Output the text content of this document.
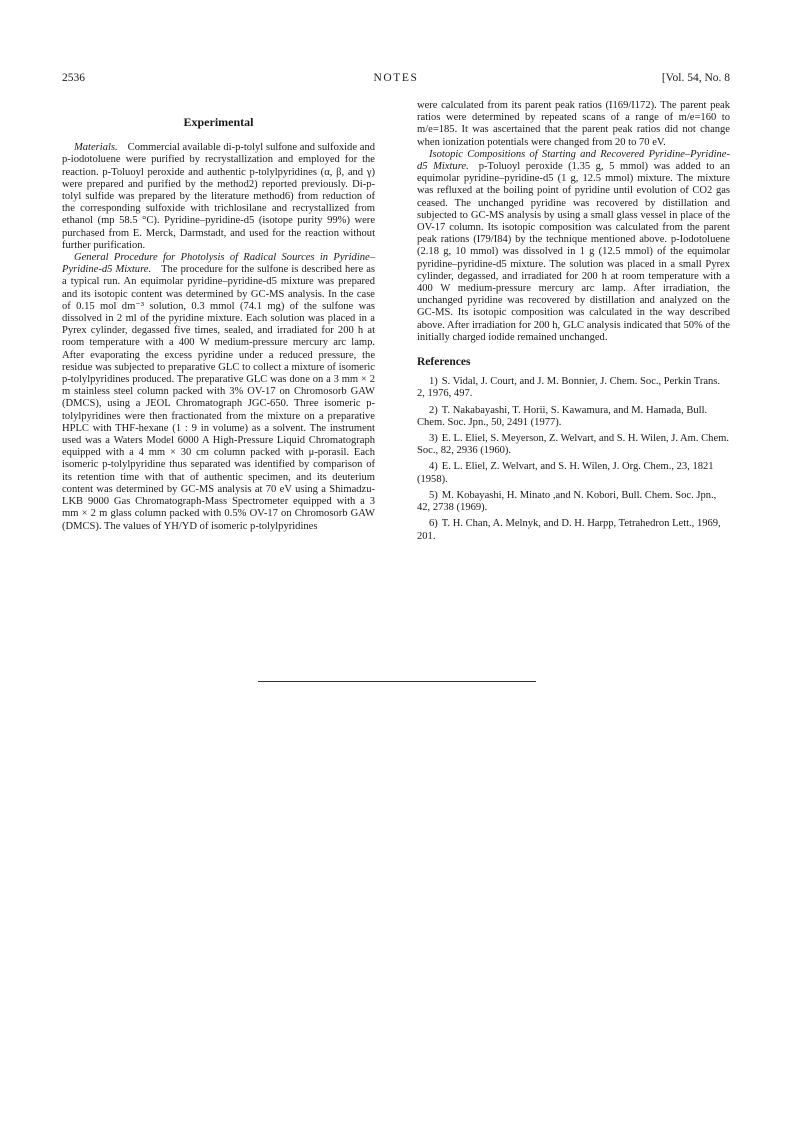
2536	NOTES	[Vol. 54, No. 8
Experimental

Materials. Commercial available di-p-tolyl sulfone and sulfoxide and p-iodotoluene were purified by recrystallization and employed for the reaction. p-Toluoyl peroxide and authentic p-tolylpyridines (α, β, and γ) were prepared and purified by the method2) reported previously. Di-p-tolyl sulfide was prepared by the literature method6) from reduction of the corresponding sulfoxide with trichlosilane and recrystallized from ethanol (mp 58.5 °C). Pyridine–pyridine-d5 (isotope purity 99%) were purchased from E. Merck, Darmstadt, and used for the reaction without further purification.

General Procedure for Photolysis of Radical Sources in Pyridine–Pyridine-d5 Mixture. The procedure for the sulfone is described here as a typical run. An equimolar pyridine–pyridine-d5 mixture was prepared and its isotopic content was determined by GC-MS analysis. In the case of 0.15 mol dm⁻³ solution, 0.3 mmol (74.1 mg) of the sulfone was dissolved in 2 ml of the pyridine mixture. Each solution was placed in a Pyrex cylinder, degassed five times, sealed, and irradiated for 200 h at room temperature with a 400 W medium-pressure mercury arc lamp. After evaporating the excess pyridine under a reduced pressure, the residue was subjected to preparative GLC to collect a mixture of isomeric p-tolylpyridines produced. The preparative GLC was done on a 3 mm × 2 m stainless steel column packed with 3% OV-17 on Chromosorb GAW (DMCS), using a JEOL Chromatograph JGC-650. Three isomeric p-tolylpyridines were then fractionated from the mixture on a preparative HPLC with THF-hexane (1 : 9 in volume) as a solvent. The instrument used was a Waters Model 6000 A High-Pressure Liquid Chromatograph equipped with a 4 mm × 30 cm column packed with μ-porasil. Each isomeric p-tolylpyridine thus separated was identified by comparison of its retention time with that of authentic specimen, and its deuterium content was determined by GC-MS analysis at 70 eV using a Shimadzu-LKB 9000 Gas Chromatograph-Mass Spectrometer equipped with a 3 mm × 2 m glass column packed with 0.5% OV-17 on Chromosorb GAW (DMCS). The values of YH/YD of isomeric p-tolylpyridines

were calculated from its parent peak ratios (I169/I172). The parent peak ratios were determined by repeated scans of a range of m/e=160 to m/e=185. It was ascertained that the parent peak ratios did not change when ionization potentials were changed from 20 to 70 eV.

Isotopic Compositions of Starting and Recovered Pyridine–Pyridine-d5 Mixture. p-Toluoyl peroxide (1.35 g, 5 mmol) was added to an equimolar pyridine–pyridine-d5 (1 g, 12.5 mmol) mixture. The mixture was refluxed at the boiling point of pyridine until evolution of CO2 gas ceased. The unchanged pyridine was recovered by distillation and subjected to GC-MS analysis by using a small glass vessel in place of the OV-17 column. Its isotopic composition was calculated from the parent peak rations (I79/I84) by the technique mentioned above. p-Iodotoluene (2.18 g, 10 mmol) was dissolved in 1 g (12.5 mmol) of the equimolar pyridine–pyridine-d5 mixture. The solution was placed in a small Pyrex cylinder, degassed, and irradiated for 200 h at room temperature with a 400 W medium-pressure mercury arc lamp. After irradiation, the unchanged pyridine was recovered by distillation and analyzed on the GC-MS. Its isotopic composition was calculated in the way described above. After irradiation for 200 h, GLC analysis indicated that 50% of the initially charged iodide remained unchanged.

References
1) S. Vidal, J. Court, and J. M. Bonnier, J. Chem. Soc., Perkin Trans. 2, 1976, 497.
2) T. Nakabayashi, T. Horii, S. Kawamura, and M. Hamada, Bull. Chem. Soc. Jpn., 50, 2491 (1977).
3) E. L. Eliel, S. Meyerson, Z. Welvart, and S. H. Wilen, J. Am. Chem. Soc., 82, 2936 (1960).
4) E. L. Eliel, Z. Welvart, and S. H. Wilen, J. Org. Chem., 23, 1821 (1958).
5) M. Kobayashi, H. Minato ,and N. Kobori, Bull. Chem. Soc. Jpn., 42, 2738 (1969).
6) T. H. Chan, A. Melnyk, and D. H. Harpp, Tetrahedron Lett., 1969, 201.
